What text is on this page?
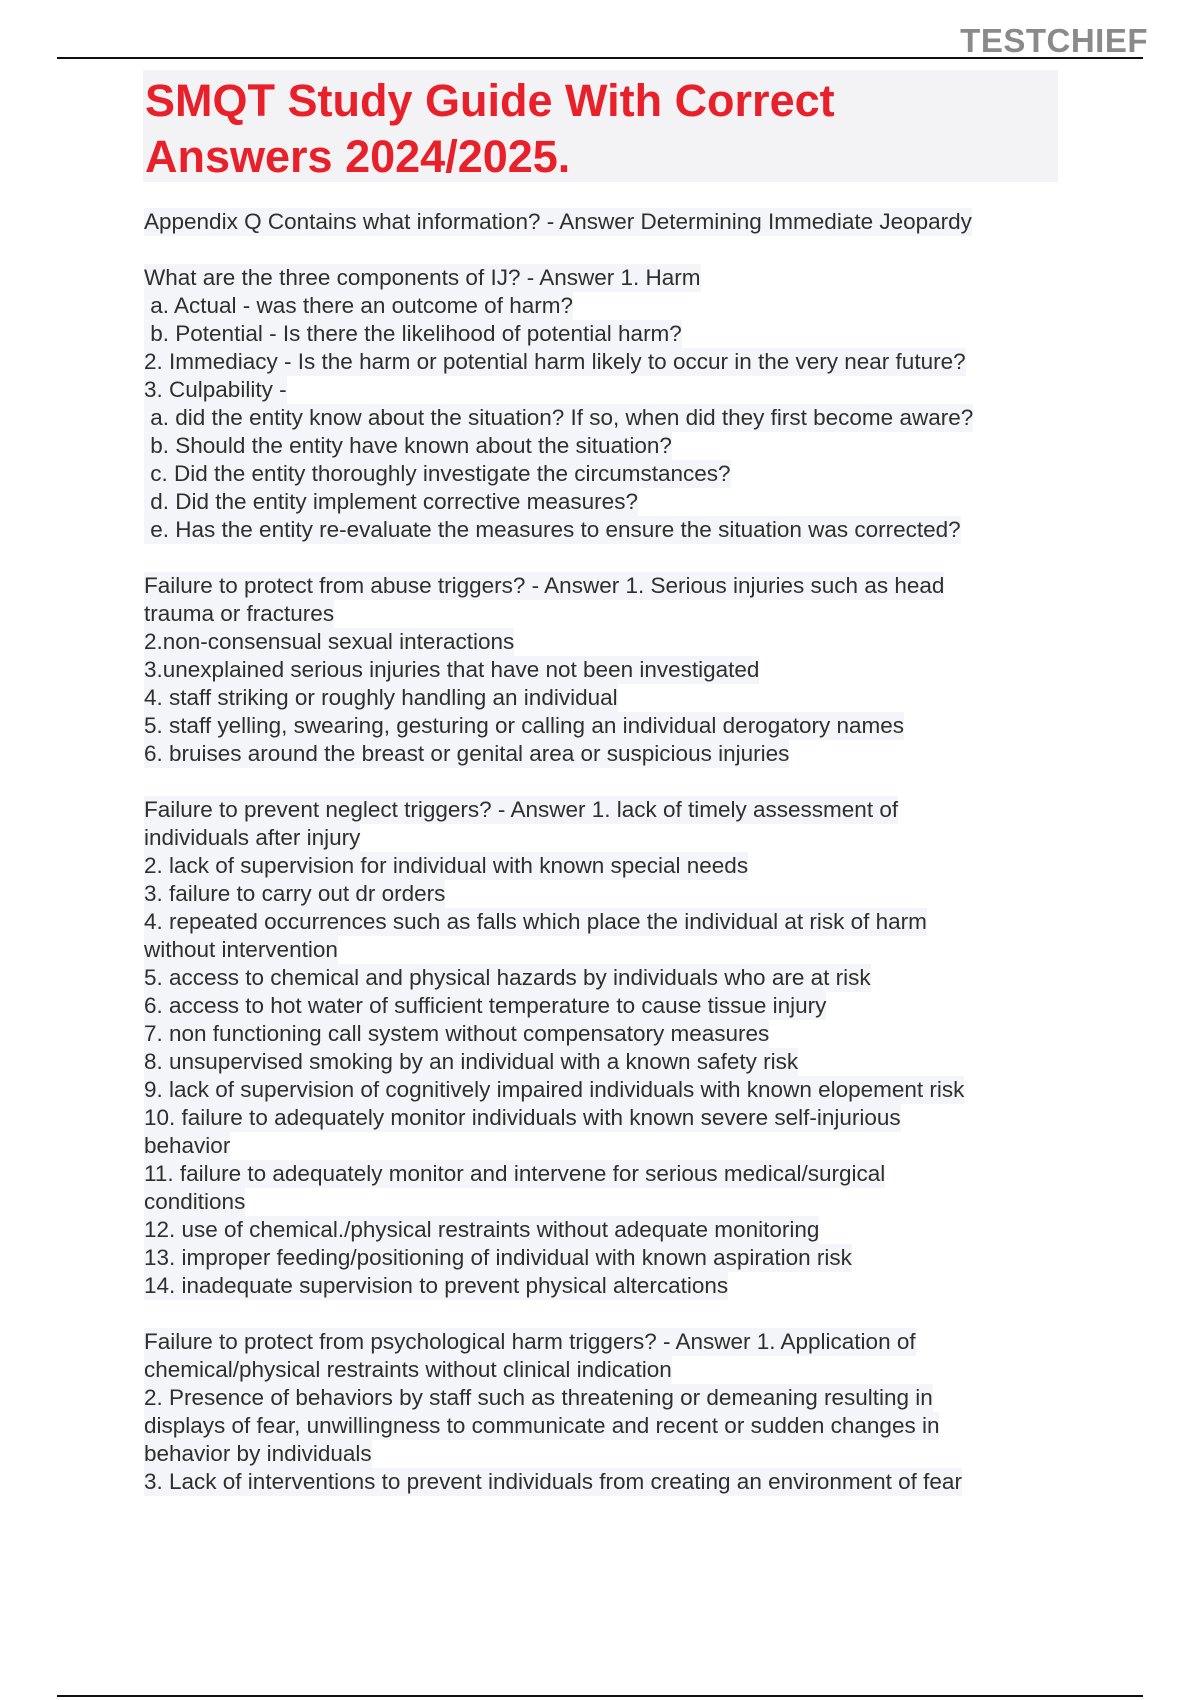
TESTCHIEF
SMQT Study Guide With Correct
Answers 2024/2025.
Appendix Q Contains what information? - Answer Determining Immediate Jeopardy
What are the three components of IJ? - Answer 1. Harm
a. Actual - was there an outcome of harm?
b. Potential - Is there the likelihood of potential harm?
2. Immediacy - Is the harm or potential harm likely to occur in the very near future?
3. Culpability -
a. did the entity know about the situation? If so, when did they first become aware?
b. Should the entity have known about the situation?
c. Did the entity thoroughly investigate the circumstances?
d. Did the entity implement corrective measures?
e. Has the entity re-evaluate the measures to ensure the situation was corrected?
Failure to protect from abuse triggers? - Answer 1. Serious injuries such as head
trauma or fractures
2.non-consensual sexual interactions
3.unexplained serious injuries that have not been investigated
4. staff striking or roughly handling an individual
5. staff yelling, swearing, gesturing or calling an individual derogatory names
6. bruises around the breast or genital area or suspicious injuries
Failure to prevent neglect triggers? - Answer 1. lack of timely assessment of
individuals after injury
2. lack of supervision for individual with known special needs
3. failure to carry out dr orders
4. repeated occurrences such as falls which place the individual at risk of harm
without intervention
5. access to chemical and physical hazards by individuals who are at risk
6. access to hot water of sufficient temperature to cause tissue injury
7. non functioning call system without compensatory measures
8. unsupervised smoking by an individual with a known safety risk
9. lack of supervision of cognitively impaired individuals with known elopement risk
10. failure to adequately monitor individuals with known severe self-injurious
behavior
11. failure to adequately monitor and intervene for serious medical/surgical
conditions
12. use of chemical./physical restraints without adequate monitoring
13. improper feeding/positioning of individual with known aspiration risk
14. inadequate supervision to prevent physical altercations
Failure to protect from psychological harm triggers? - Answer 1. Application of
chemical/physical restraints without clinical indication
2. Presence of behaviors by staff such as threatening or demeaning resulting in
displays of fear, unwillingness to communicate and recent or sudden changes in
behavior by individuals
3. Lack of interventions to prevent individuals from creating an environment of fear
